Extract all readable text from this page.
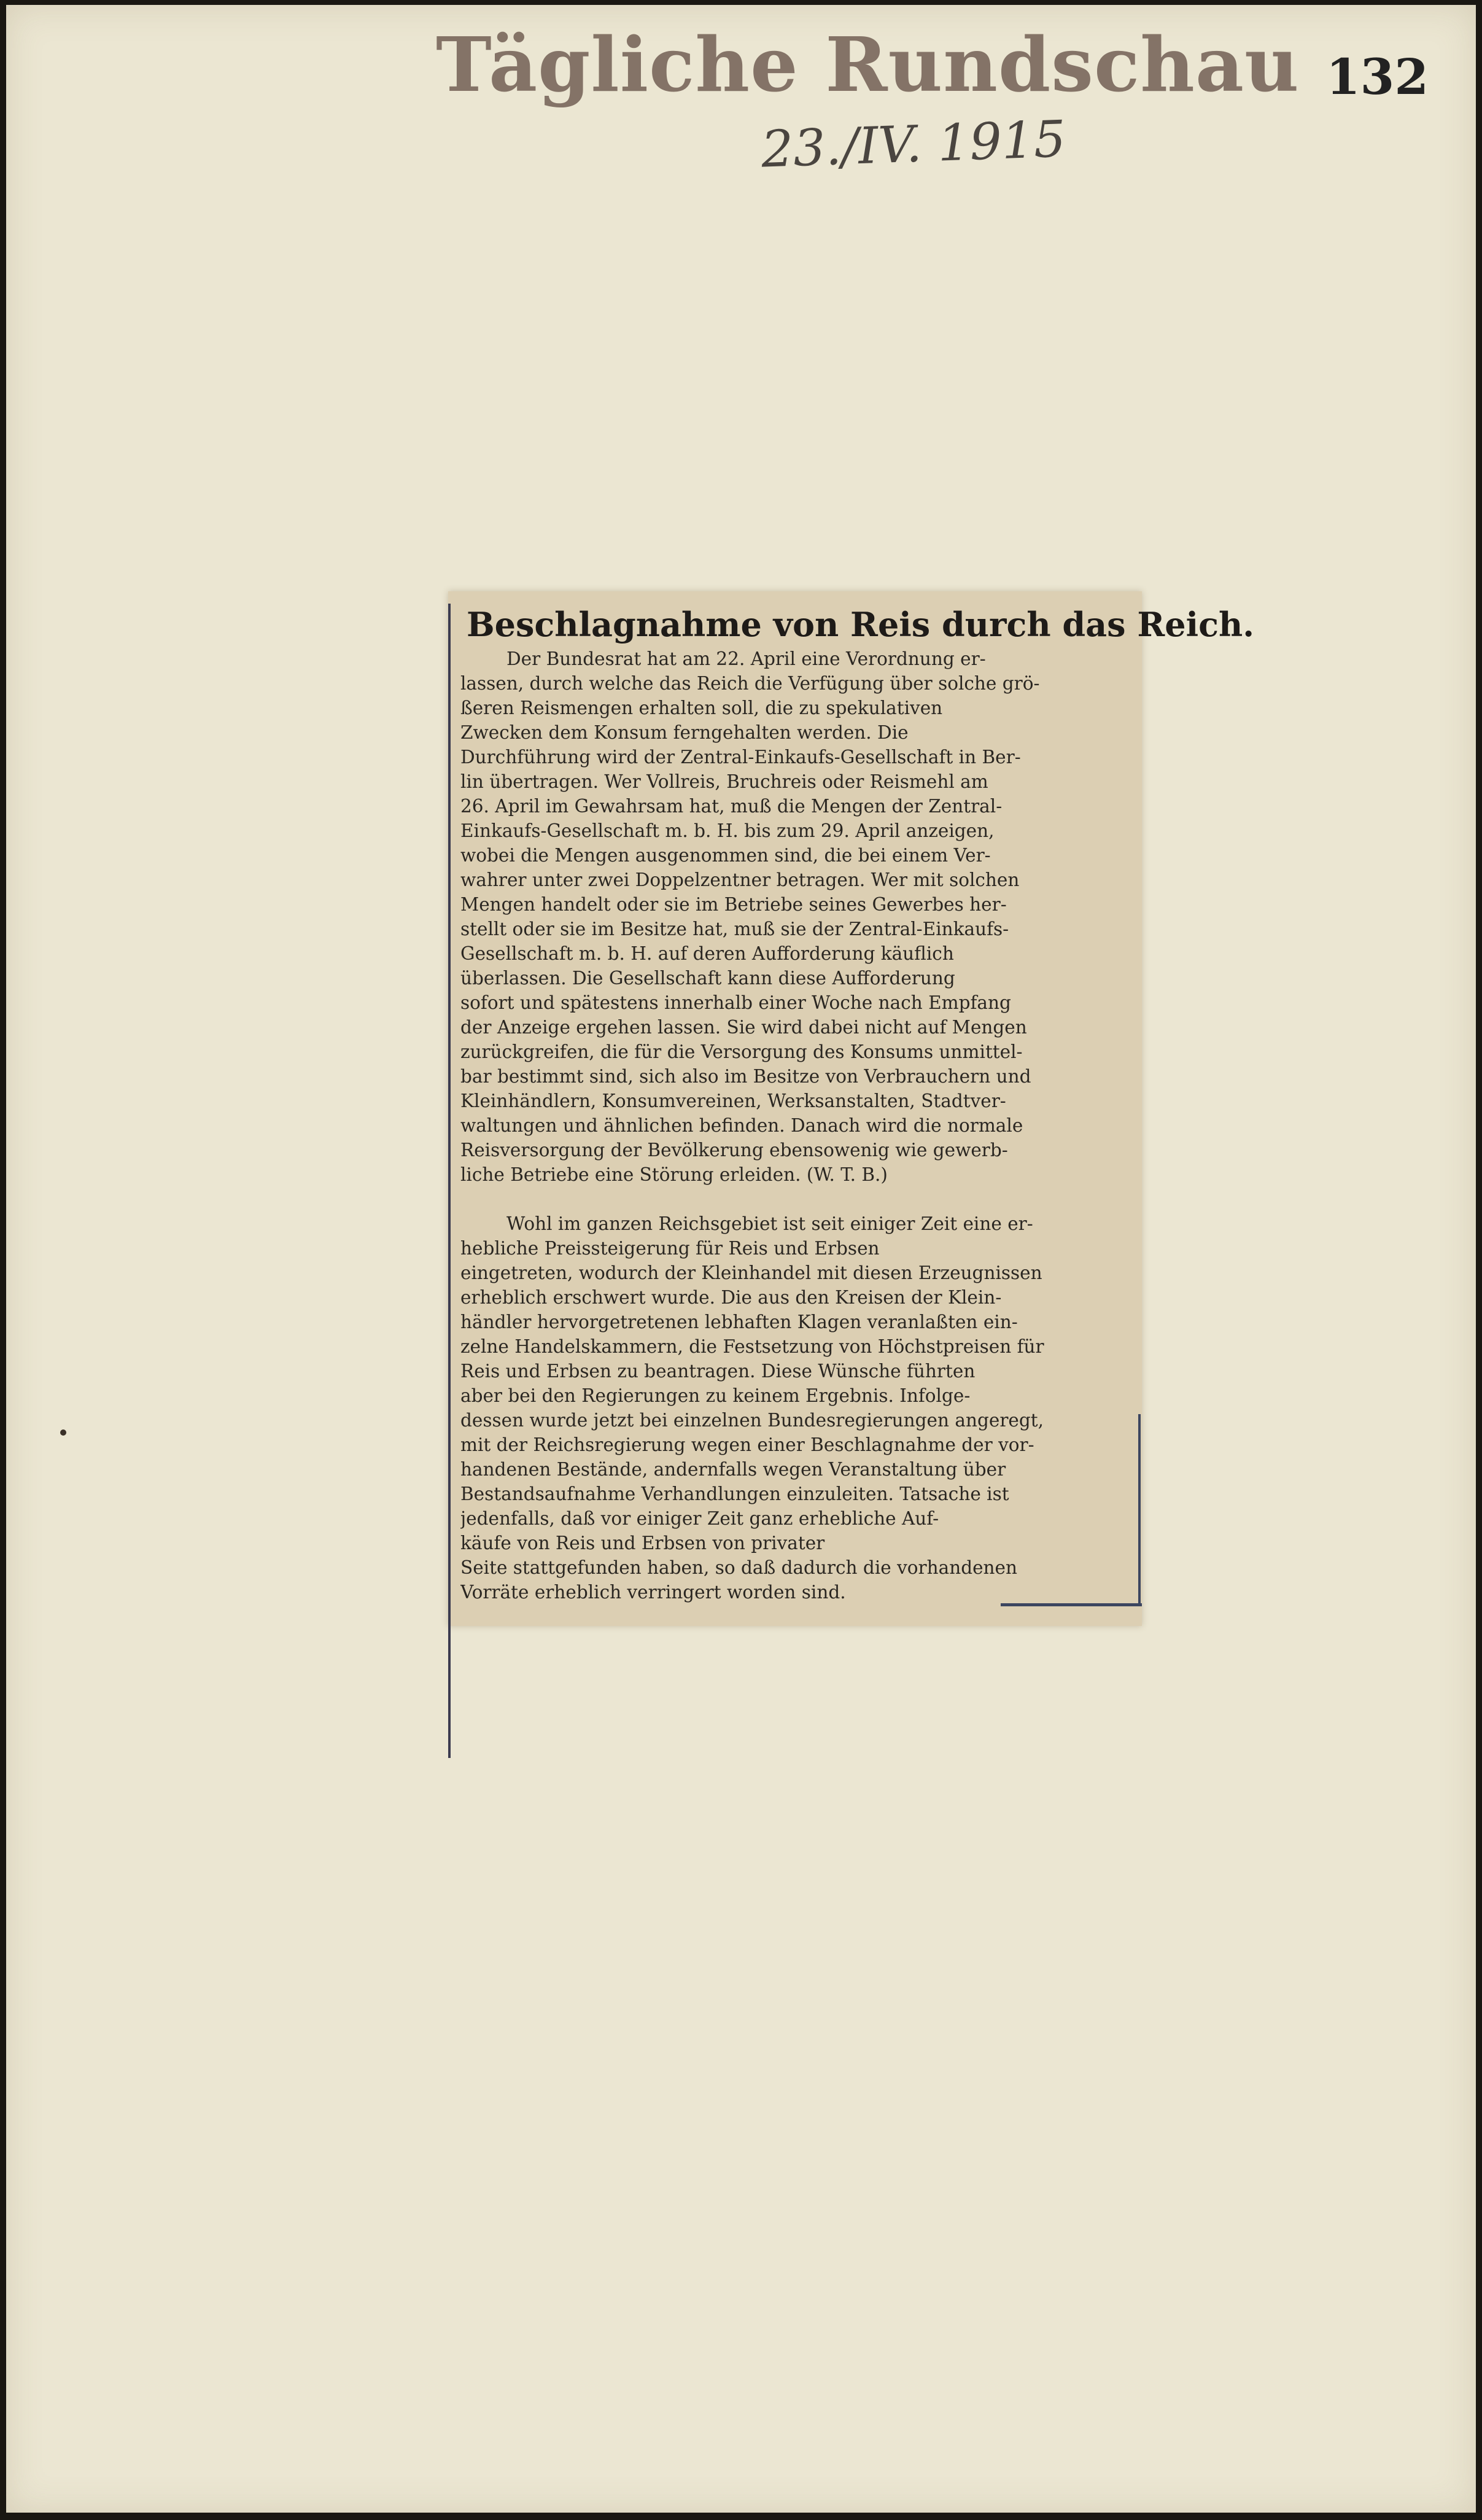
Tägliche Rundschau 132
23./IV. 1915
Beschlagnahme von Reis durch das Reich.
Der Bundesrat hat am 22. April eine Verordnung er-
lassen, durch welche das Reich die Verfügung über solche grö-
ßeren Reismengen erhalten soll, die zu spekulativen
Zwecken dem Konsum ferngehalten werden. Die
Durchführung wird der Zentral-Einkaufs-Gesellschaft in Ber-
lin übertragen. Wer Vollreis, Bruchreis oder Reismehl am
26. April im Gewahrsam hat, muß die Mengen der Zentral-
Einkaufs-Gesellschaft m. b. H. bis zum 29. April anzeigen,
wobei die Mengen ausgenommen sind, die bei einem Ver-
wahrer unter zwei Doppelzentner betragen. Wer mit solchen
Mengen handelt oder sie im Betriebe seines Gewerbes her-
stellt oder sie im Besitze hat, muß sie der Zentral-Einkaufs-
Gesellschaft m. b. H. auf deren Aufforderung käuflich
überlassen. Die Gesellschaft kann diese Aufforderung
sofort und spätestens innerhalb einer Woche nach Empfang
der Anzeige ergehen lassen. Sie wird dabei nicht auf Mengen
zurückgreifen, die für die Versorgung des Konsums unmittel-
bar bestimmt sind, sich also im Besitze von Verbrauchern und
Kleinhändlern, Konsumvereinen, Werksanstalten, Stadtver-
waltungen und ähnlichen befinden. Danach wird die normale
Reisversorgung der Bevölkerung ebensowenig wie gewerb-
liche Betriebe eine Störung erleiden. (W. T. B.)
Wohl im ganzen Reichsgebiet ist seit einiger Zeit eine er-
hebliche Preissteigerung für Reis und Erbsen
eingetreten, wodurch der Kleinhandel mit diesen Erzeugnissen
erheblich erschwert wurde. Die aus den Kreisen der Klein-
händler hervorgetretenen lebhaften Klagen veranlaßten ein-
zelne Handelskammern, die Festsetzung von Höchstpreisen für
Reis und Erbsen zu beantragen. Diese Wünsche führten
aber bei den Regierungen zu keinem Ergebnis. Infolge-
dessen wurde jetzt bei einzelnen Bundesregierungen angeregt,
mit der Reichsregierung wegen einer Beschlagnahme der vor-
handenen Bestände, andernfalls wegen Veranstaltung über
Bestandsaufnahme Verhandlungen einzuleiten. Tatsache ist
jedenfalls, daß vor einiger Zeit ganz erhebliche Auf-
käufe von Reis und Erbsen von privater
Seite stattgefunden haben, so daß dadurch die vorhandenen
Vorräte erheblich verringert worden sind.
